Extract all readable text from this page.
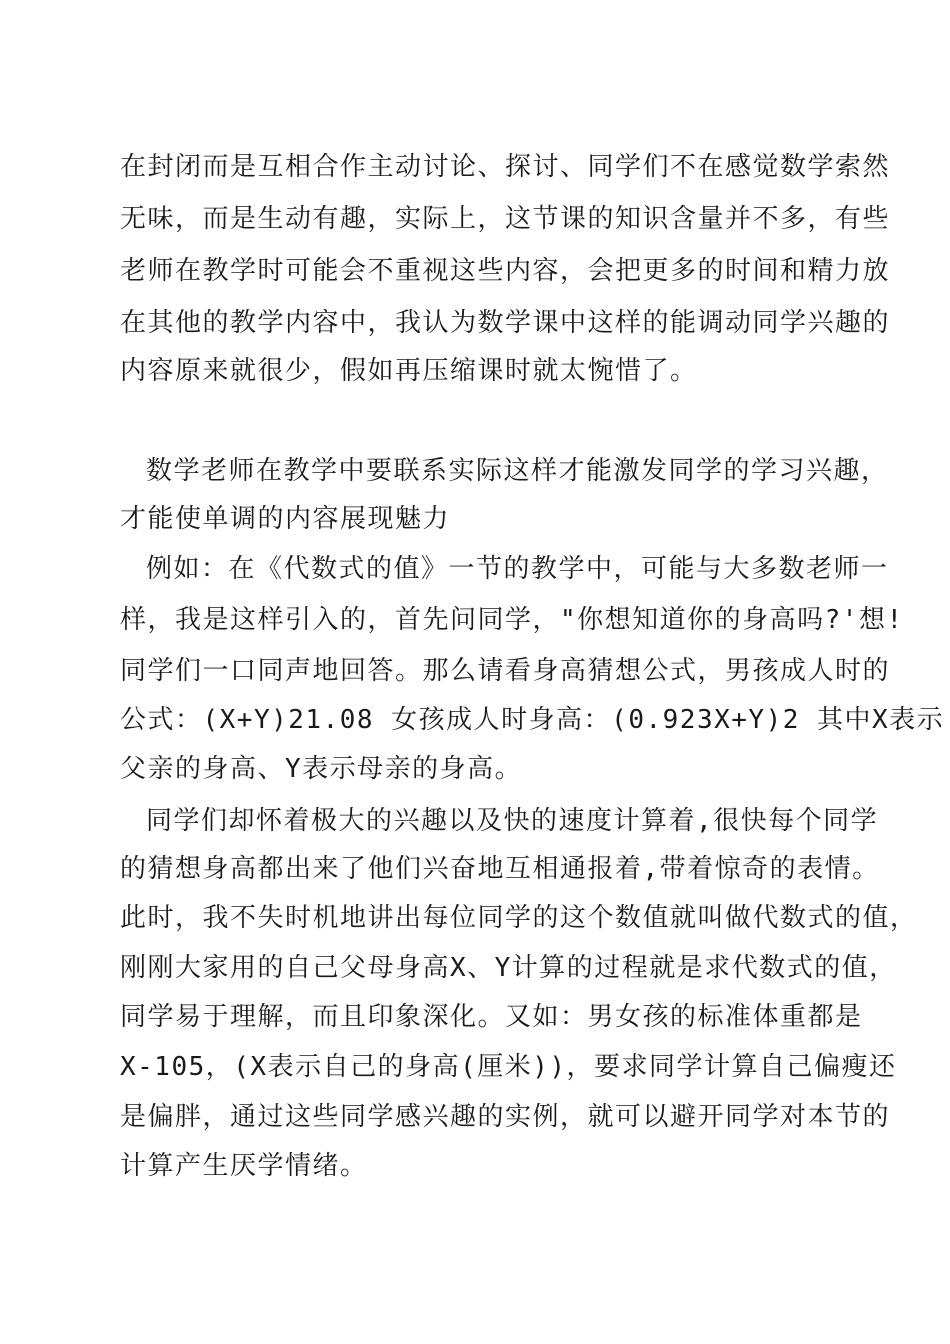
在封闭而是互相合作主动讨论、探讨、同学们不在感觉数学索然
无味，而是生动有趣，实际上，这节课的知识含量并不多，有些
老师在教学时可能会不重视这些内容，会把更多的时间和精力放
在其他的教学内容中，我认为数学课中这样的能调动同学兴趣的
内容原来就很少，假如再压缩课时就太惋惜了。
数学老师在教学中要联系实际这样才能激发同学的学习兴趣，
才能使单调的内容展现魅力
例如：在《代数式的值》一节的教学中，可能与大多数老师一
样，我是这样引入的，首先问同学，"你想知道你的身高吗?'想!
同学们一口同声地回答。那么请看身高猜想公式，男孩成人时的
公式：(X+Y)21.08 女孩成人时身高：(0.923X+Y)2 其中X表示
父亲的身高、Y表示母亲的身高。
同学们却怀着极大的兴趣以及快的速度计算着,很快每个同学
的猜想身高都出来了他们兴奋地互相通报着,带着惊奇的表情。
此时，我不失时机地讲出每位同学的这个数值就叫做代数式的值，
刚刚大家用的自己父母身高X、Y计算的过程就是求代数式的值，
同学易于理解，而且印象深化。又如：男女孩的标准体重都是
X-105，(X表示自己的身高(厘米))，要求同学计算自己偏瘦还
是偏胖，通过这些同学感兴趣的实例，就可以避开同学对本节的
计算产生厌学情绪。
